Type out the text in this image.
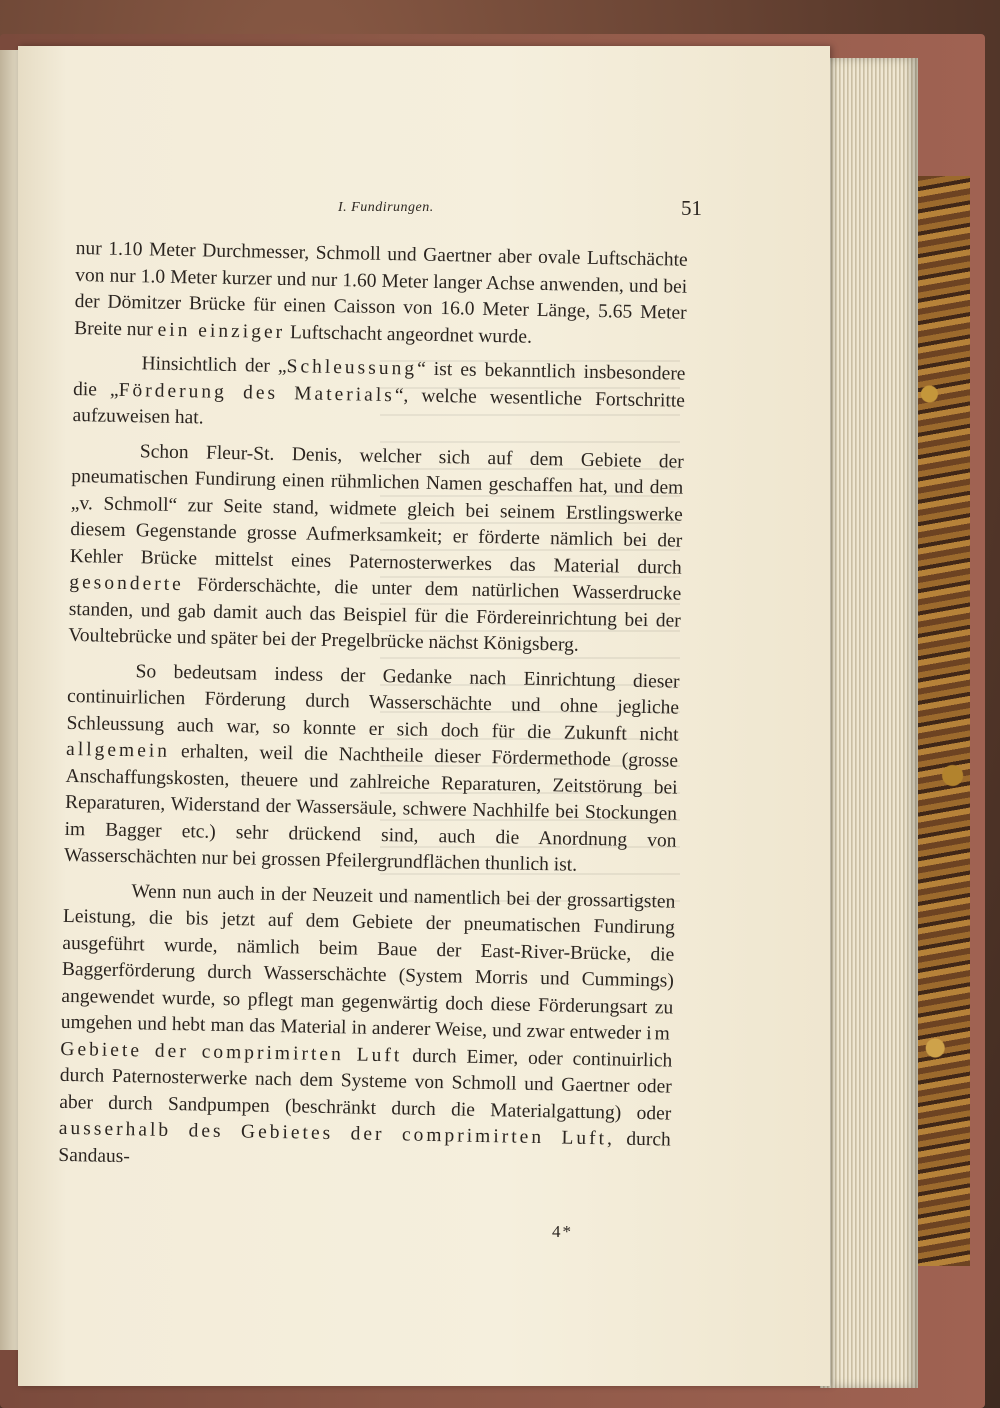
I. Fundirungen.	51

nur 1.10 Meter Durchmesser, Schmoll und Gaertner aber ovale Luftschächte von nur 1.0 Meter kurzer und nur 1.60 Meter langer Achse anwenden, und bei der Dömitzer Brücke für einen Caisson von 16.0 Meter Länge, 5.65 Meter Breite nur ein einziger Luftschacht angeordnet wurde.

Hinsichtlich der „Schleussung“ ist es bekanntlich insbesondere die „Förderung des Materials“, welche wesentliche Fortschritte aufzuweisen hat.

Schon Fleur-St. Denis, welcher sich auf dem Gebiete der pneumatischen Fundirung einen rühmlichen Namen geschaffen hat, und dem „v. Schmoll“ zur Seite stand, widmete gleich bei seinem Erstlingswerke diesem Gegenstande grosse Aufmerksamkeit; er förderte nämlich bei der Kehler Brücke mittelst eines Paternosterwerkes das Material durch gesonderte Förderschächte, die unter dem natürlichen Wasserdrucke standen, und gab damit auch das Beispiel für die Fördereinrichtung bei der Voultebrücke und später bei der Pregelbrücke nächst Königsberg.

So bedeutsam indess der Gedanke nach Einrichtung dieser continuirlichen Förderung durch Wasserschächte und ohne jegliche Schleussung auch war, so konnte er sich doch für die Zukunft nicht allgemein erhalten, weil die Nachtheile dieser Fördermethode (grosse Anschaffungskosten, theuere und zahlreiche Reparaturen, Zeitstörung bei Reparaturen, Widerstand der Wassersäule, schwere Nachhilfe bei Stockungen im Bagger etc.) sehr drückend sind, auch die Anordnung von Wasserschächten nur bei grossen Pfeilergrundflächen thunlich ist.

Wenn nun auch in der Neuzeit und namentlich bei der grossartigsten Leistung, die bis jetzt auf dem Gebiete der pneumatischen Fundirung ausgeführt wurde, nämlich beim Baue der East-River-Brücke, die Baggerförderung durch Wasserschächte (System Morris und Cummings) angewendet wurde, so pflegt man gegenwärtig doch diese Förderungsart zu umgehen und hebt man das Material in anderer Weise, und zwar entweder im Gebiete der comprimirten Luft durch Eimer, oder continuirlich durch Paternosterwerke nach dem Systeme von Schmoll und Gaertner oder aber durch Sandpumpen (beschränkt durch die Materialgattung) oder ausserhalb des Gebietes der comprimirten Luft, durch Sandaus-

4*
